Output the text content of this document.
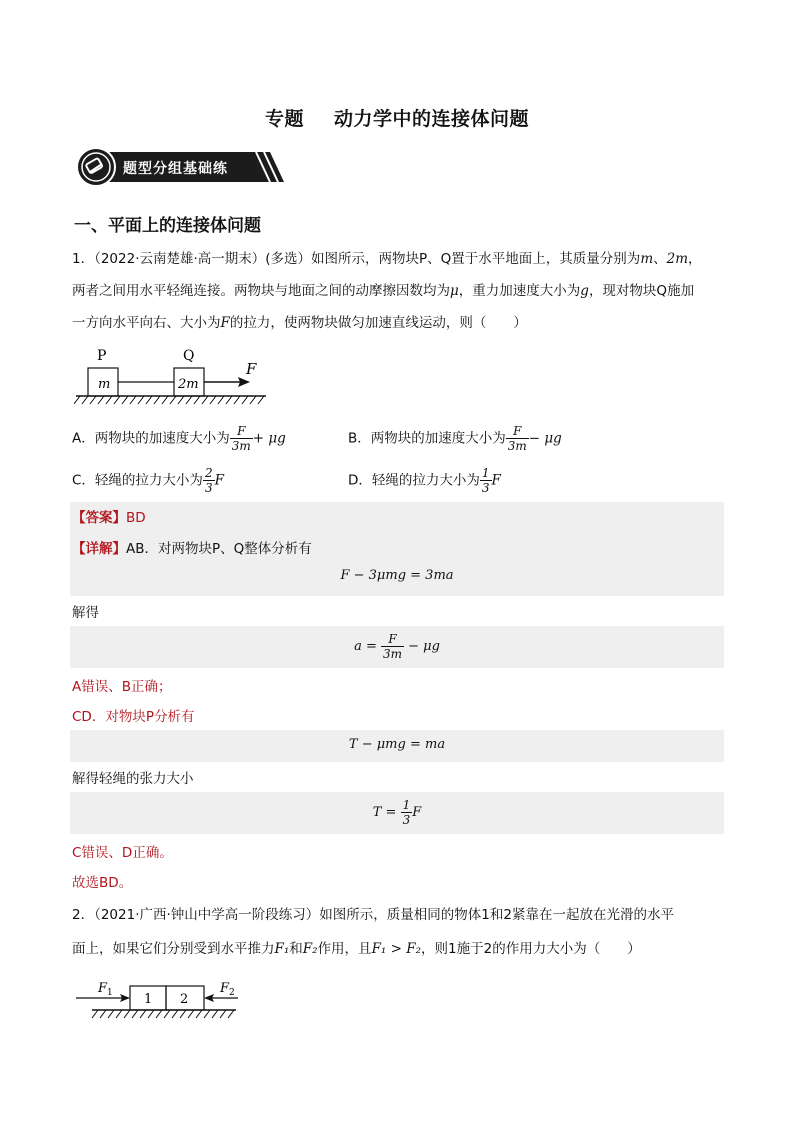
专题 动力学中的连接体问题
题型分组基础练
一、平面上的连接体问题
1．（2022·云南楚雄·高一期末）(多选）如图所示，两物块P、Q置于水平地面上，其质量分别为m、2m，
两者之间用水平轻绳连接。两物块与地面之间的动摩擦因数均为μ，重力加速度大小为g，现对物块Q施加
一方向水平向右、大小为F的拉力，使两物块做匀加速直线运动，则（　　）
P	Q
m	2m
F
A．两物块的加速度大小为 $\frac{F}{3m} + \mu g$	B．两物块的加速度大小为 $\frac{F}{3m} - \mu g$
C．轻绳的拉力大小为 $\frac{2}{3}$ F	D．轻绳的拉力大小为 $\frac{1}{3}$ F
【答案】BD
【详解】AB．对两物块P、Q整体分析有
F − 3μmg = 3ma
解得
$a = \frac{F}{3m} - \mu g$
A错误、B正确；
CD．对物块P分析有
T − μmg = ma
解得轻绳的张力大小
$T = \frac{1}{3}$ F
C错误、D正确。
故选BD。
2．（2021·广西·钟山中学高一阶段练习）如图所示，质量相同的物体1和2紧靠在一起放在光滑的水平
面上，如果它们分别受到水平推力F₁和F₂作用，且F₁ > F₂，则1施于2的作用力大小为（　　）
F 1	F 2
1 2
